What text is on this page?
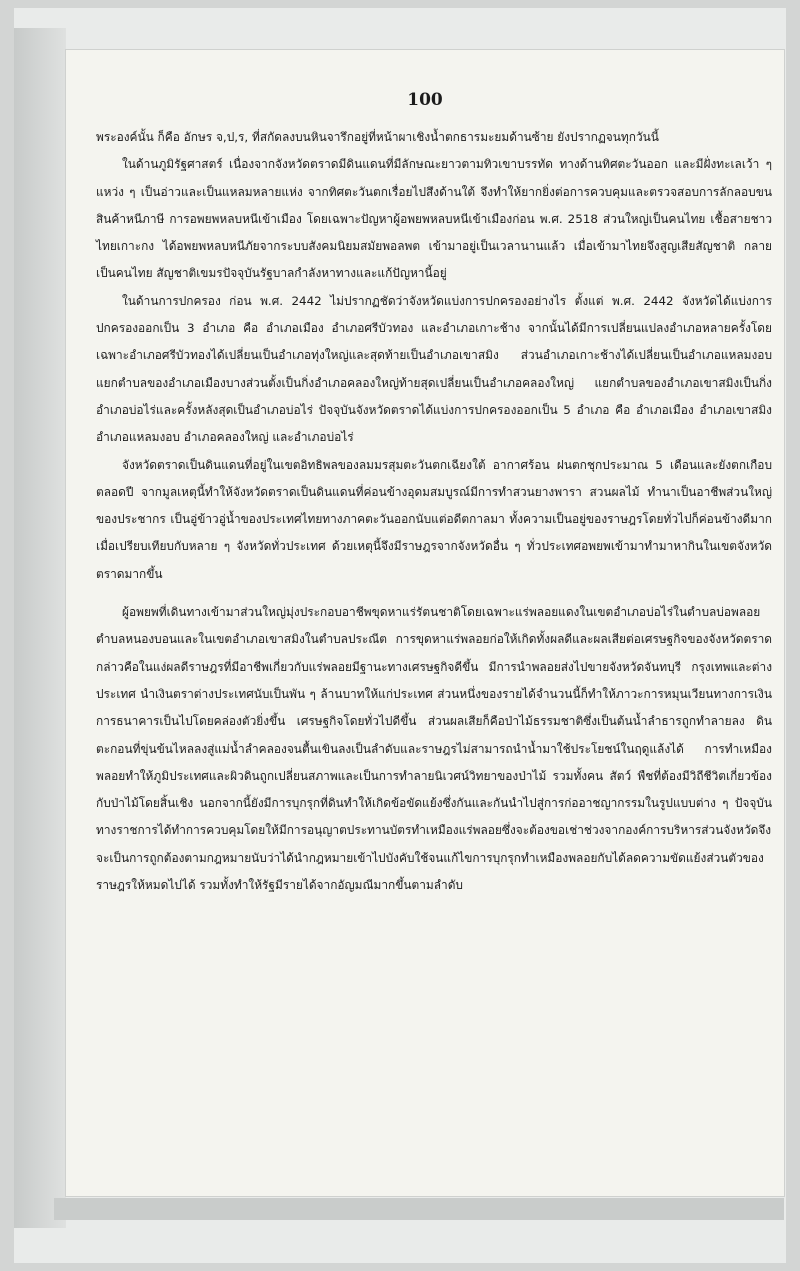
100

พระองค์นั้น ก็คือ อักษร จ,ป,ร, ที่สกัดลงบนหินจารึกอยู่ที่หน้าผาเชิงน้ำตกธารมะยมด้านซ้าย ยังปรากฏจนทุกวันนี้

ในด้านภูมิรัฐศาสตร์ เนื่องจากจังหวัดตราดมีดินแดนที่มีลักษณะยาวตามทิวเขาบรรทัด ทางด้านทิศตะวันออก และมีฝั่งทะเลเว้า ๆ แหว่ง ๆ เป็นอ่าวและเป็นแหลมหลายแห่ง จากทิศตะวันตกเรื่อยไปสึงด้านใต้ จึงทำให้ยากยิ่งต่อการควบคุมและตรวจสอบการลักลอบขนสินค้าหนีภาษี การอพยพหลบหนีเข้าเมือง โดยเฉพาะปัญหาผู้อพยพหลบหนีเข้าเมืองก่อน พ.ศ. 2518 ส่วนใหญ่เป็นคนไทย เชื้อสายชาวไทยเกาะกง ได้อพยพหลบหนีภัยจากระบบสังคมนิยมสมัยพอลพต เข้ามาอยู่เป็นเวลานานแล้ว เมื่อเข้ามาไทยจึงสูญเสียสัญชาติ กลายเป็นคนไทย สัญชาติเขมรปัจจุบันรัฐบาลกำลังหาทางและแก้ปัญหานี้อยู่

ในด้านการปกครอง ก่อน พ.ศ. 2442 ไม่ปรากฏชัดว่าจังหวัดแบ่งการปกครองอย่างไร ตั้งแต่ พ.ศ. 2442 จังหวัดได้แบ่งการปกครองออกเป็น 3 อำเภอ คือ อำเภอเมือง อำเภอศรีบัวทอง และอำเภอเกาะช้าง จากนั้นได้มีการเปลี่ยนแปลงอำเภอหลายครั้งโดยเฉพาะอำเภอศรีบัวทองได้เปลี่ยนเป็นอำเภอทุ่งใหญ่และสุดท้ายเป็นอำเภอเขาสมิง ส่วนอำเภอเกาะช้างได้เปลี่ยนเป็นอำเภอแหลมงอบ แยกตำบลของอำเภอเมืองบางส่วนตั้งเป็นกิ่งอำเภอคลองใหญ่ท้ายสุดเปลี่ยนเป็นอำเภอคลองใหญ่ แยกตำบลของอำเภอเขาสมิงเป็นกิ่งอำเภอบ่อไร่และครั้งหลังสุดเป็นอำเภอบ่อไร่ ปัจจุบันจังหวัดตราดได้แบ่งการปกครองออกเป็น 5 อำเภอ คือ อำเภอเมือง อำเภอเขาสมิง อำเภอแหลมงอบ อำเภอคลองใหญ่ และอำเภอบ่อไร่

จังหวัดตราดเป็นดินแดนที่อยู่ในเขตอิทธิพลของลมมรสุมตะวันตกเฉียงใต้ อากาศร้อน ฝนตกชุกประมาณ 5 เดือนและยังตกเกือบตลอดปี จากมูลเหตุนี้ทำให้จังหวัดตราดเป็นดินแดนที่ค่อนข้างอุดมสมบูรณ์มีการทำสวนยางพารา สวนผลไม้ ทำนาเป็นอาชีพส่วนใหญ่ของประชากร เป็นอู่ข้าวอู่น้ำของประเทศไทยทางภาคตะวันออกนับแต่อดีตกาลมา ทั้งความเป็นอยู่ของราษฎรโดยทั่วไปก็ค่อนข้างดีมากเมื่อเปรียบเทียบกับหลาย ๆ จังหวัดทั่วประเทศ ด้วยเหตุนี้จึงมีราษฎรจากจังหวัดอื่น ๆ ทั่วประเทศอพยพเข้ามาทำมาหากินในเขตจังหวัดตราดมากขึ้น

ผู้อพยพที่เดินทางเข้ามาส่วนใหญ่มุ่งประกอบอาชีพขุดหาแร่รัตนชาติโดยเฉพาะแร่พลอยแดงในเขตอำเภอบ่อไร่ในตำบลบ่อพลอย ตำบลหนองบอนและในเขตอำเภอเขาสมิงในตำบลประณีต การขุดหาแร่พลอยก่อให้เกิดทั้งผลดีและผลเสียต่อเศรษฐกิจของจังหวัดตราด กล่าวคือในแง่ผลดีราษฎรที่มีอาชีพเกี่ยวกับแร่พลอยมีฐานะทางเศรษฐกิจดีขึ้น มีการนำพลอยส่งไปขายจังหวัดจันทบุรี กรุงเทพและต่างประเทศ นำเงินตราต่างประเทศนับเป็นพัน ๆ ล้านบาทให้แก่ประเทศ ส่วนหนึ่งของรายได้จำนวนนี้ก็ทำให้ภาวะการหมุนเวียนทางการเงิน การธนาคารเป็นไปโดยคล่องตัวยิ่งขึ้น เศรษฐกิจโดยทั่วไปดีขึ้น ส่วนผลเสียก็คือป่าไม้ธรรมชาติซึ่งเป็นต้นน้ำลำธารถูกทำลายลง ดินตะกอนที่ขุ่นข้นไหลลงสู่แม่น้ำลำคลองจนตื้นเขินลงเป็นลำดับและราษฎรไม่สามารถนำน้ำมาใช้ประโยชน์ในฤดูแล้งได้ การทำเหมืองพลอยทำให้ภูมิประเทศและผิวดินถูกเปลี่ยนสภาพและเป็นการทำลายนิเวศน์วิทยาของป่าไม้ รวมทั้งคน สัตว์ พืชที่ต้องมีวิถีชีวิตเกี่ยวข้องกับป่าไม้โดยสิ้นเชิง นอกจากนี้ยังมีการบุกรุกที่ดินทำให้เกิดข้อขัดแย้งซึ่งกันและกันนำไปสู่การก่ออาชญากรรมในรูปแบบต่าง ๆ ปัจจุบันทางราชการได้ทำการควบคุมโดยให้มีการอนุญาตประทานบัตรทำเหมืองแร่พลอยซึ่งจะต้องขอเช่าช่วงจากองค์การบริหารส่วนจังหวัดจึงจะเป็นการถูกต้องตามกฎหมายนับว่าได้นำกฎหมายเข้าไปบังคับใช้จนแก้ไขการบุกรุกทำเหมืองพลอยกับได้ลดความขัดแย้งส่วนตัวของราษฎรให้หมดไปได้ รวมทั้งทำให้รัฐมีรายได้จากอัญมณีมากขึ้นตามลำดับ
